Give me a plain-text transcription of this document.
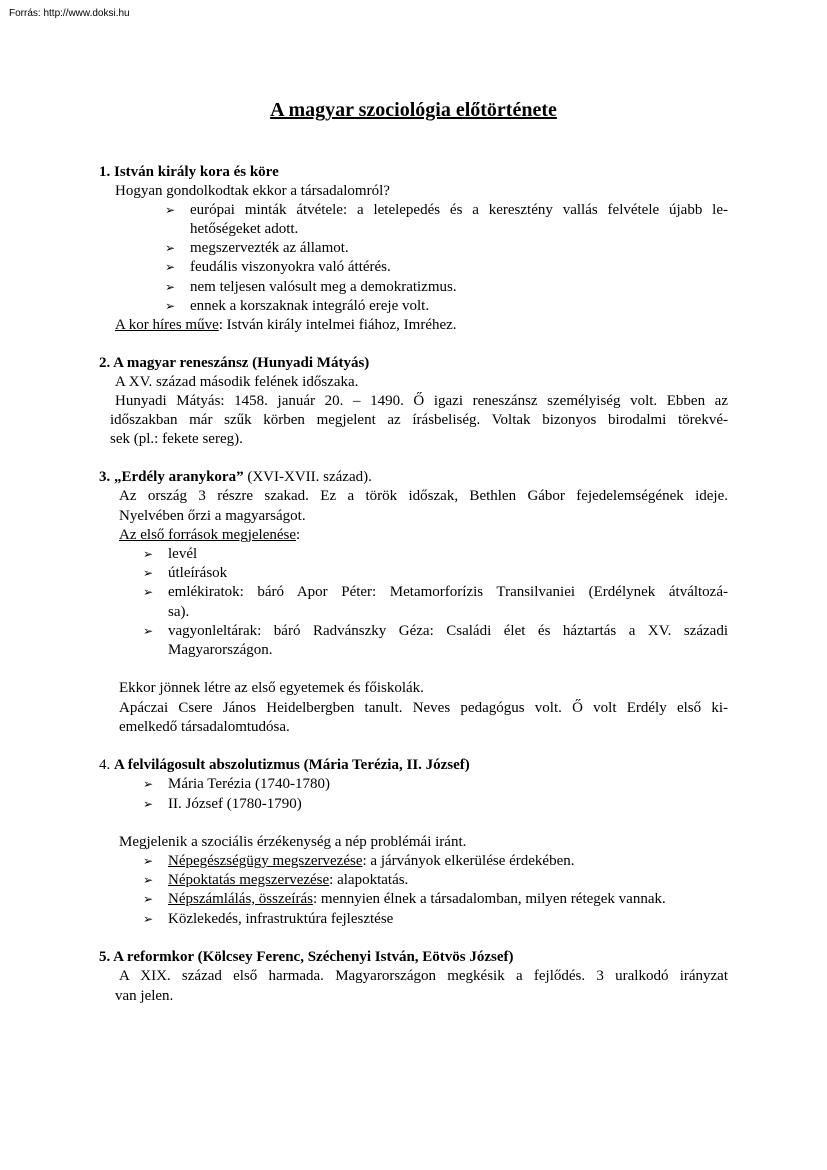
Forrás: http://www.doksi.hu
A magyar szociológia előtörténete
1. István király kora és köre
Hogyan gondolkodtak ekkor a társadalomról?
➢ európai minták átvétele: a letelepedés és a keresztény vallás felvétele újabb le-
hetőségeket adott.
➢ megszervezték az államot.
➢ feudális viszonyokra való áttérés.
➢ nem teljesen valósult meg a demokratizmus.
➢ ennek a korszaknak integráló ereje volt.
A kor híres műve: István király intelmei fiához, Imréhez.
2. A magyar reneszánsz (Hunyadi Mátyás)
A XV. század második felének időszaka.
Hunyadi Mátyás: 1458. január 20. – 1490. Ő igazi reneszánsz személyiség volt. Ebben az
időszakban már szűk körben megjelent az írásbeliség. Voltak bizonyos birodalmi törekvé-
sek (pl.: fekete sereg).
3. „Erdély aranykora” (XVI-XVII. század).
Az ország 3 részre szakad. Ez a török időszak, Bethlen Gábor fejedelemségének ideje.
Nyelvében őrzi a magyarságot.
Az első források megjelenése:
➢ levél
➢ útleírások
➢ emlékiratok: báró Apor Péter: Metamorforízis Transilvaniei (Erdélynek átváltozá-
sa).
➢ vagyonleltárak: báró Radvánszky Géza: Családi élet és háztartás a XV. századi
Magyarországon.
Ekkor jönnek létre az első egyetemek és főiskolák.
Apáczai Csere János Heidelbergben tanult. Neves pedagógus volt. Ő volt Erdély első ki-
emelkedő társadalomtudósa.
4. A felvilágosult abszolutizmus (Mária Terézia, II. József)
➢ Mária Terézia (1740-1780)
➢ II. József (1780-1790)
Megjelenik a szociális érzékenység a nép problémái iránt.
➢ Népegészségügy megszervezése: a járványok elkerülése érdekében.
➢ Népoktatás megszervezése: alapoktatás.
➢ Népszámlálás, összeírás: mennyien élnek a társadalomban, milyen rétegek vannak.
➢ Közlekedés, infrastruktúra fejlesztése
5. A reformkor (Kölcsey Ferenc, Széchenyi István, Eötvös József)
A XIX. század első harmada. Magyarországon megkésik a fejlődés. 3 uralkodó irányzat
van jelen.
